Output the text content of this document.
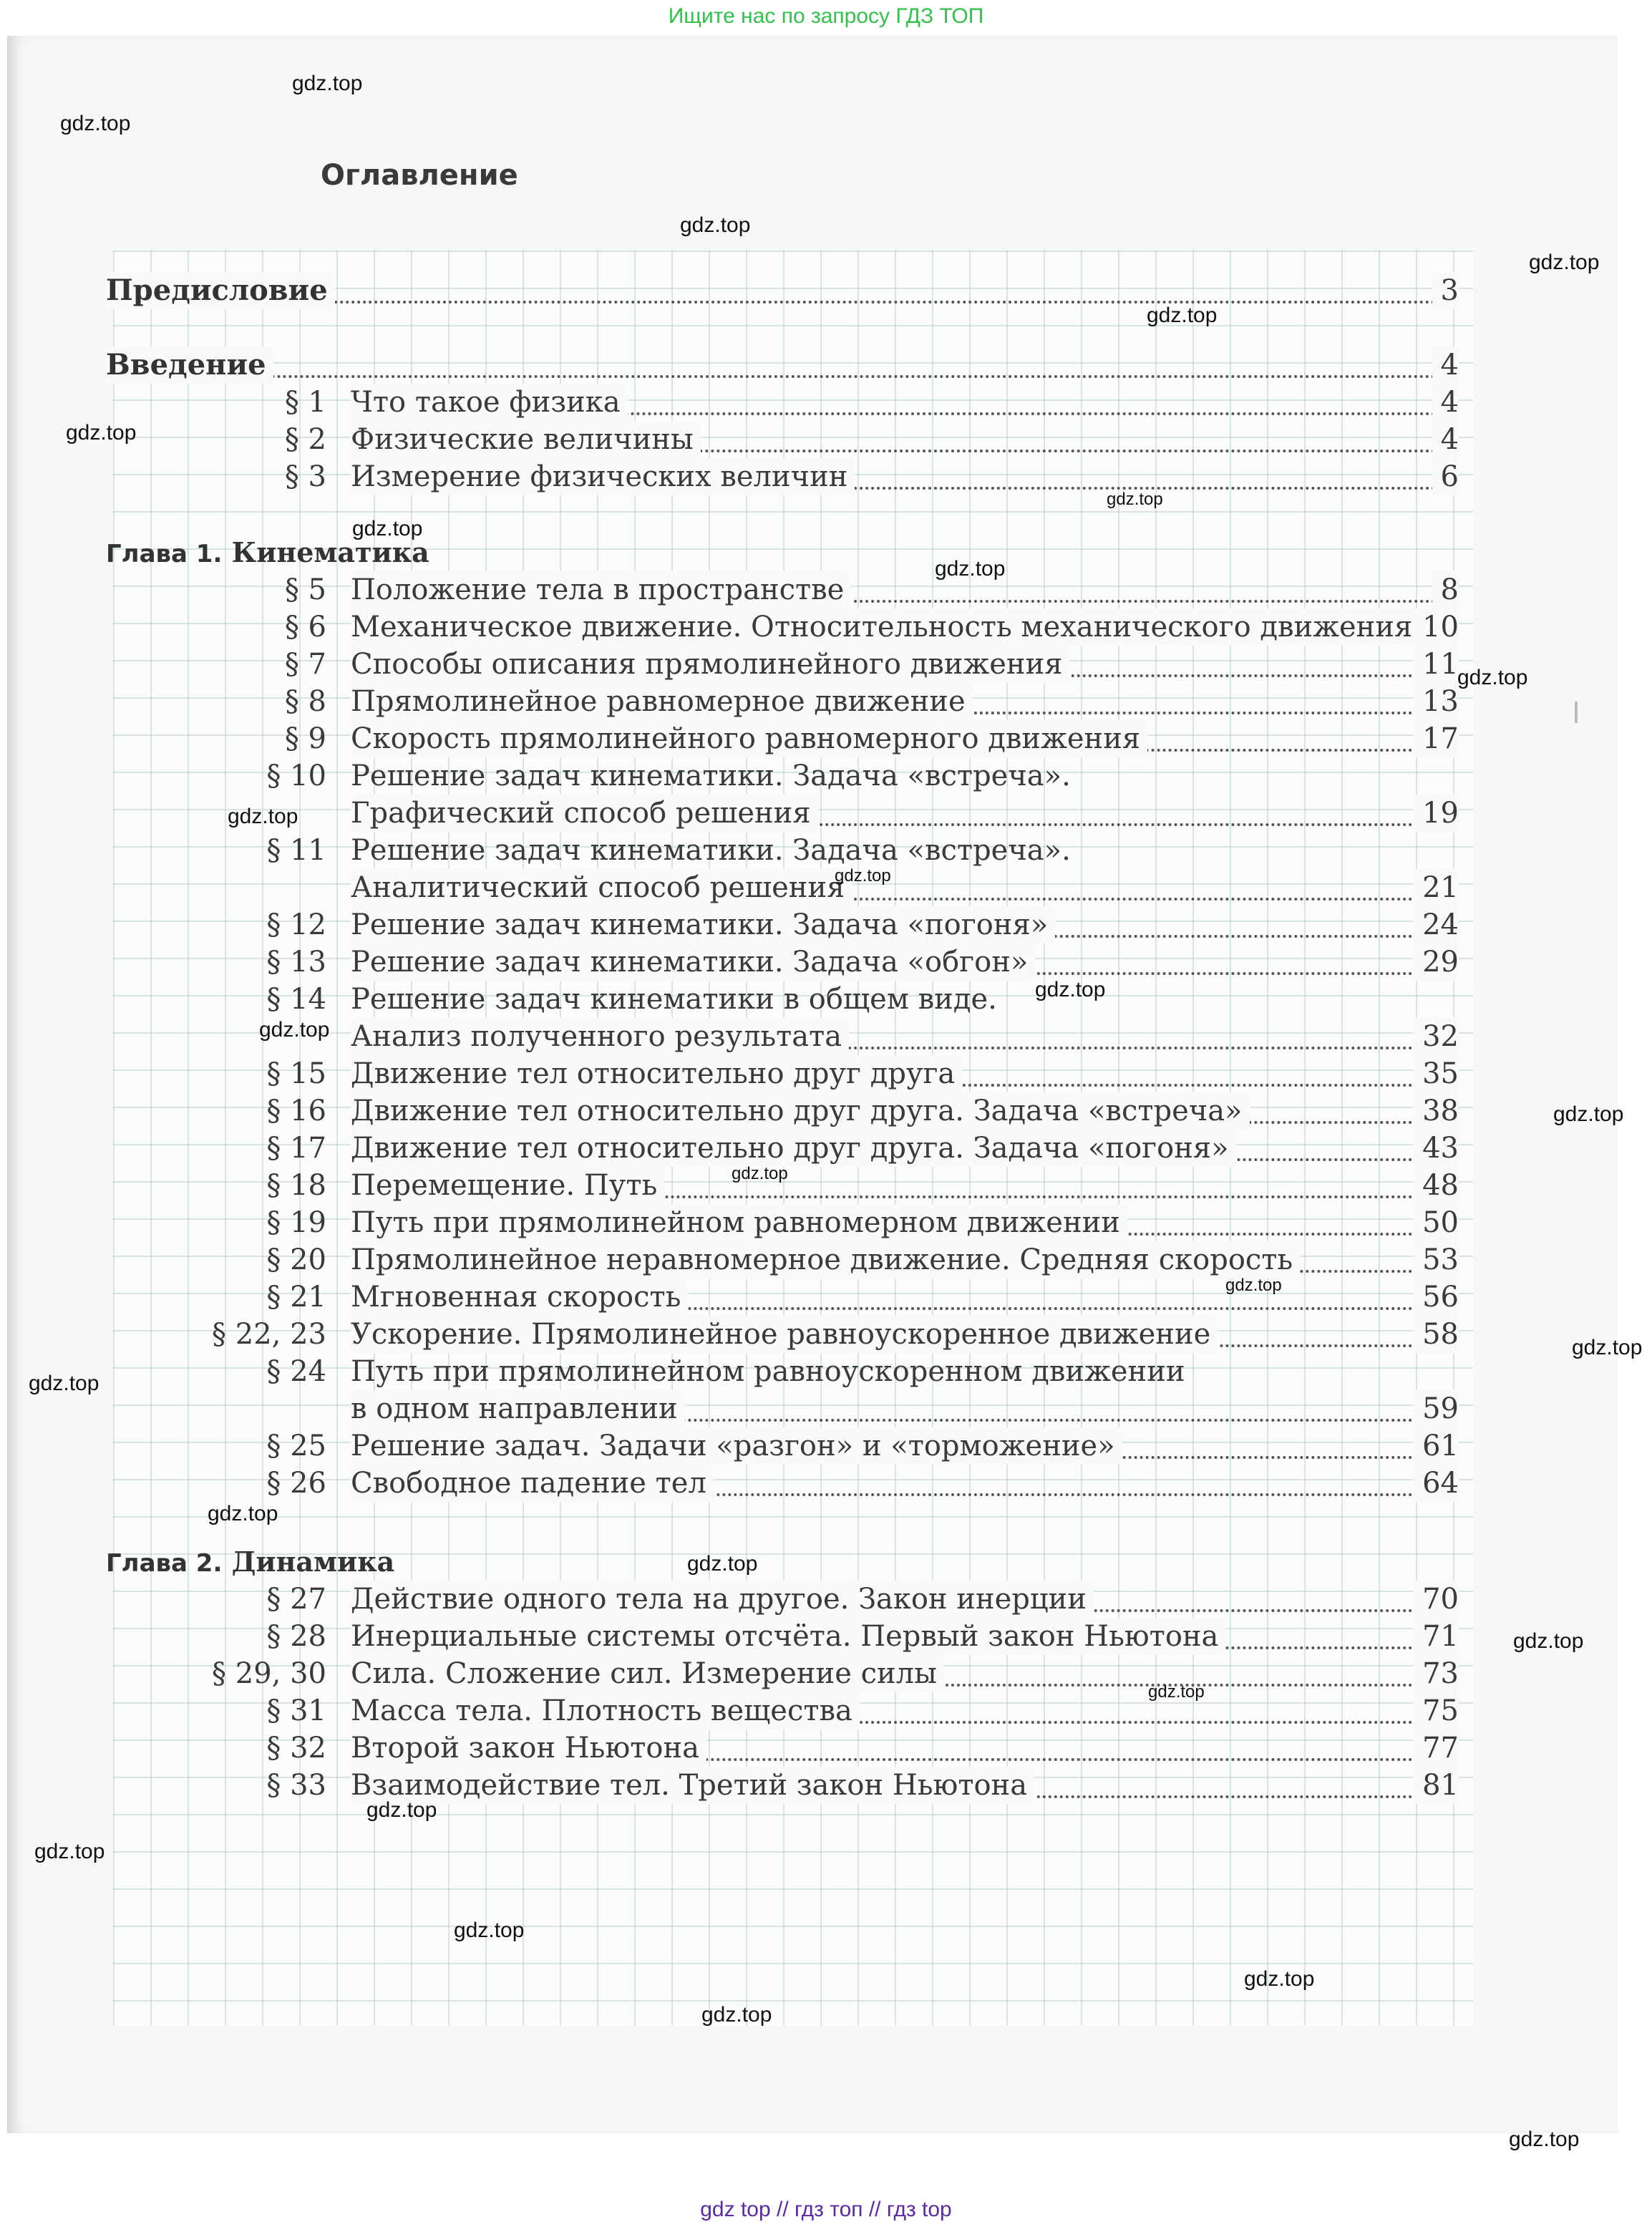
Ищите нас по запросу ГДЗ ТОП
Оглавление
Предисловие	3
Введение	4
Глава 1. Кинематика
Глава 2. Динамика
§ 1 Что такое физика	4
§ 2 Физические величины	4
§ 3 Измерение физических величин	6
§ 5 Положение тела в пространстве	8
§ 6 Механическое движение. Относительность механического движения 10
§ 7 Способы описания прямолинейного движения	11
§ 8 Прямолинейное равномерное движение	13
§ 9 Скорость прямолинейного равномерного движения	17
§ 10 Решение задач кинематики. Задача «встреча».
Графический способ решения	19
§ 11 Решение задач кинематики. Задача «встреча».
Аналитический способ решения	21
§ 12 Решение задач кинематики. Задача «погоня»	24
§ 13 Решение задач кинематики. Задача «обгон»	29
§ 14 Решение задач кинематики в общем виде.
Анализ полученного результата	32
§ 15 Движение тел относительно друг друга	35
§ 16 Движение тел относительно друг друга. Задача «встреча»	38
§ 17 Движение тел относительно друг друга. Задача «погоня»	43
§ 18 Перемещение. Путь	48
§ 19 Путь при прямолинейном равномерном движении	50
§ 20 Прямолинейное неравномерное движение. Средняя скорость	53
§ 21 Мгновенная скорость	56
§ 22, 23 Ускорение. Прямолинейное равноускоренное движение	58
§ 24 Путь при прямолинейном равноускоренном движении
в одном направлении	59
§ 25 Решение задач. Задачи «разгон» и «торможение»	61
§ 26 Свободное падение тел	64
§ 27 Действие одного тела на другое. Закон инерции	70
§ 28 Инерциальные системы отсчёта. Первый закон Ньютона	71
§ 29, 30 Сила. Сложение сил. Измерение силы	73
§ 31 Масса тела. Плотность вещества	75
§ 32 Второй закон Ньютона	77
§ 33 Взаимодействие тел. Третий закон Ньютона	81
gdz.top
gdz.top
gdz.top
gdz.top
gdz.top
gdz.top
gdz.top
gdz.top
gdz.top
gdz.top
gdz.top
gdz.top
gdz.top
gdz.top
gdz.top
gdz.top
gdz.top
gdz.top
gdz.top
gdz.top
gdz.top
gdz.top
gdz.top
gdz.top
gdz.top
gdz.top
gdz.top
gdz.top
gdz.top
gdz top // гдз топ // гдз top
